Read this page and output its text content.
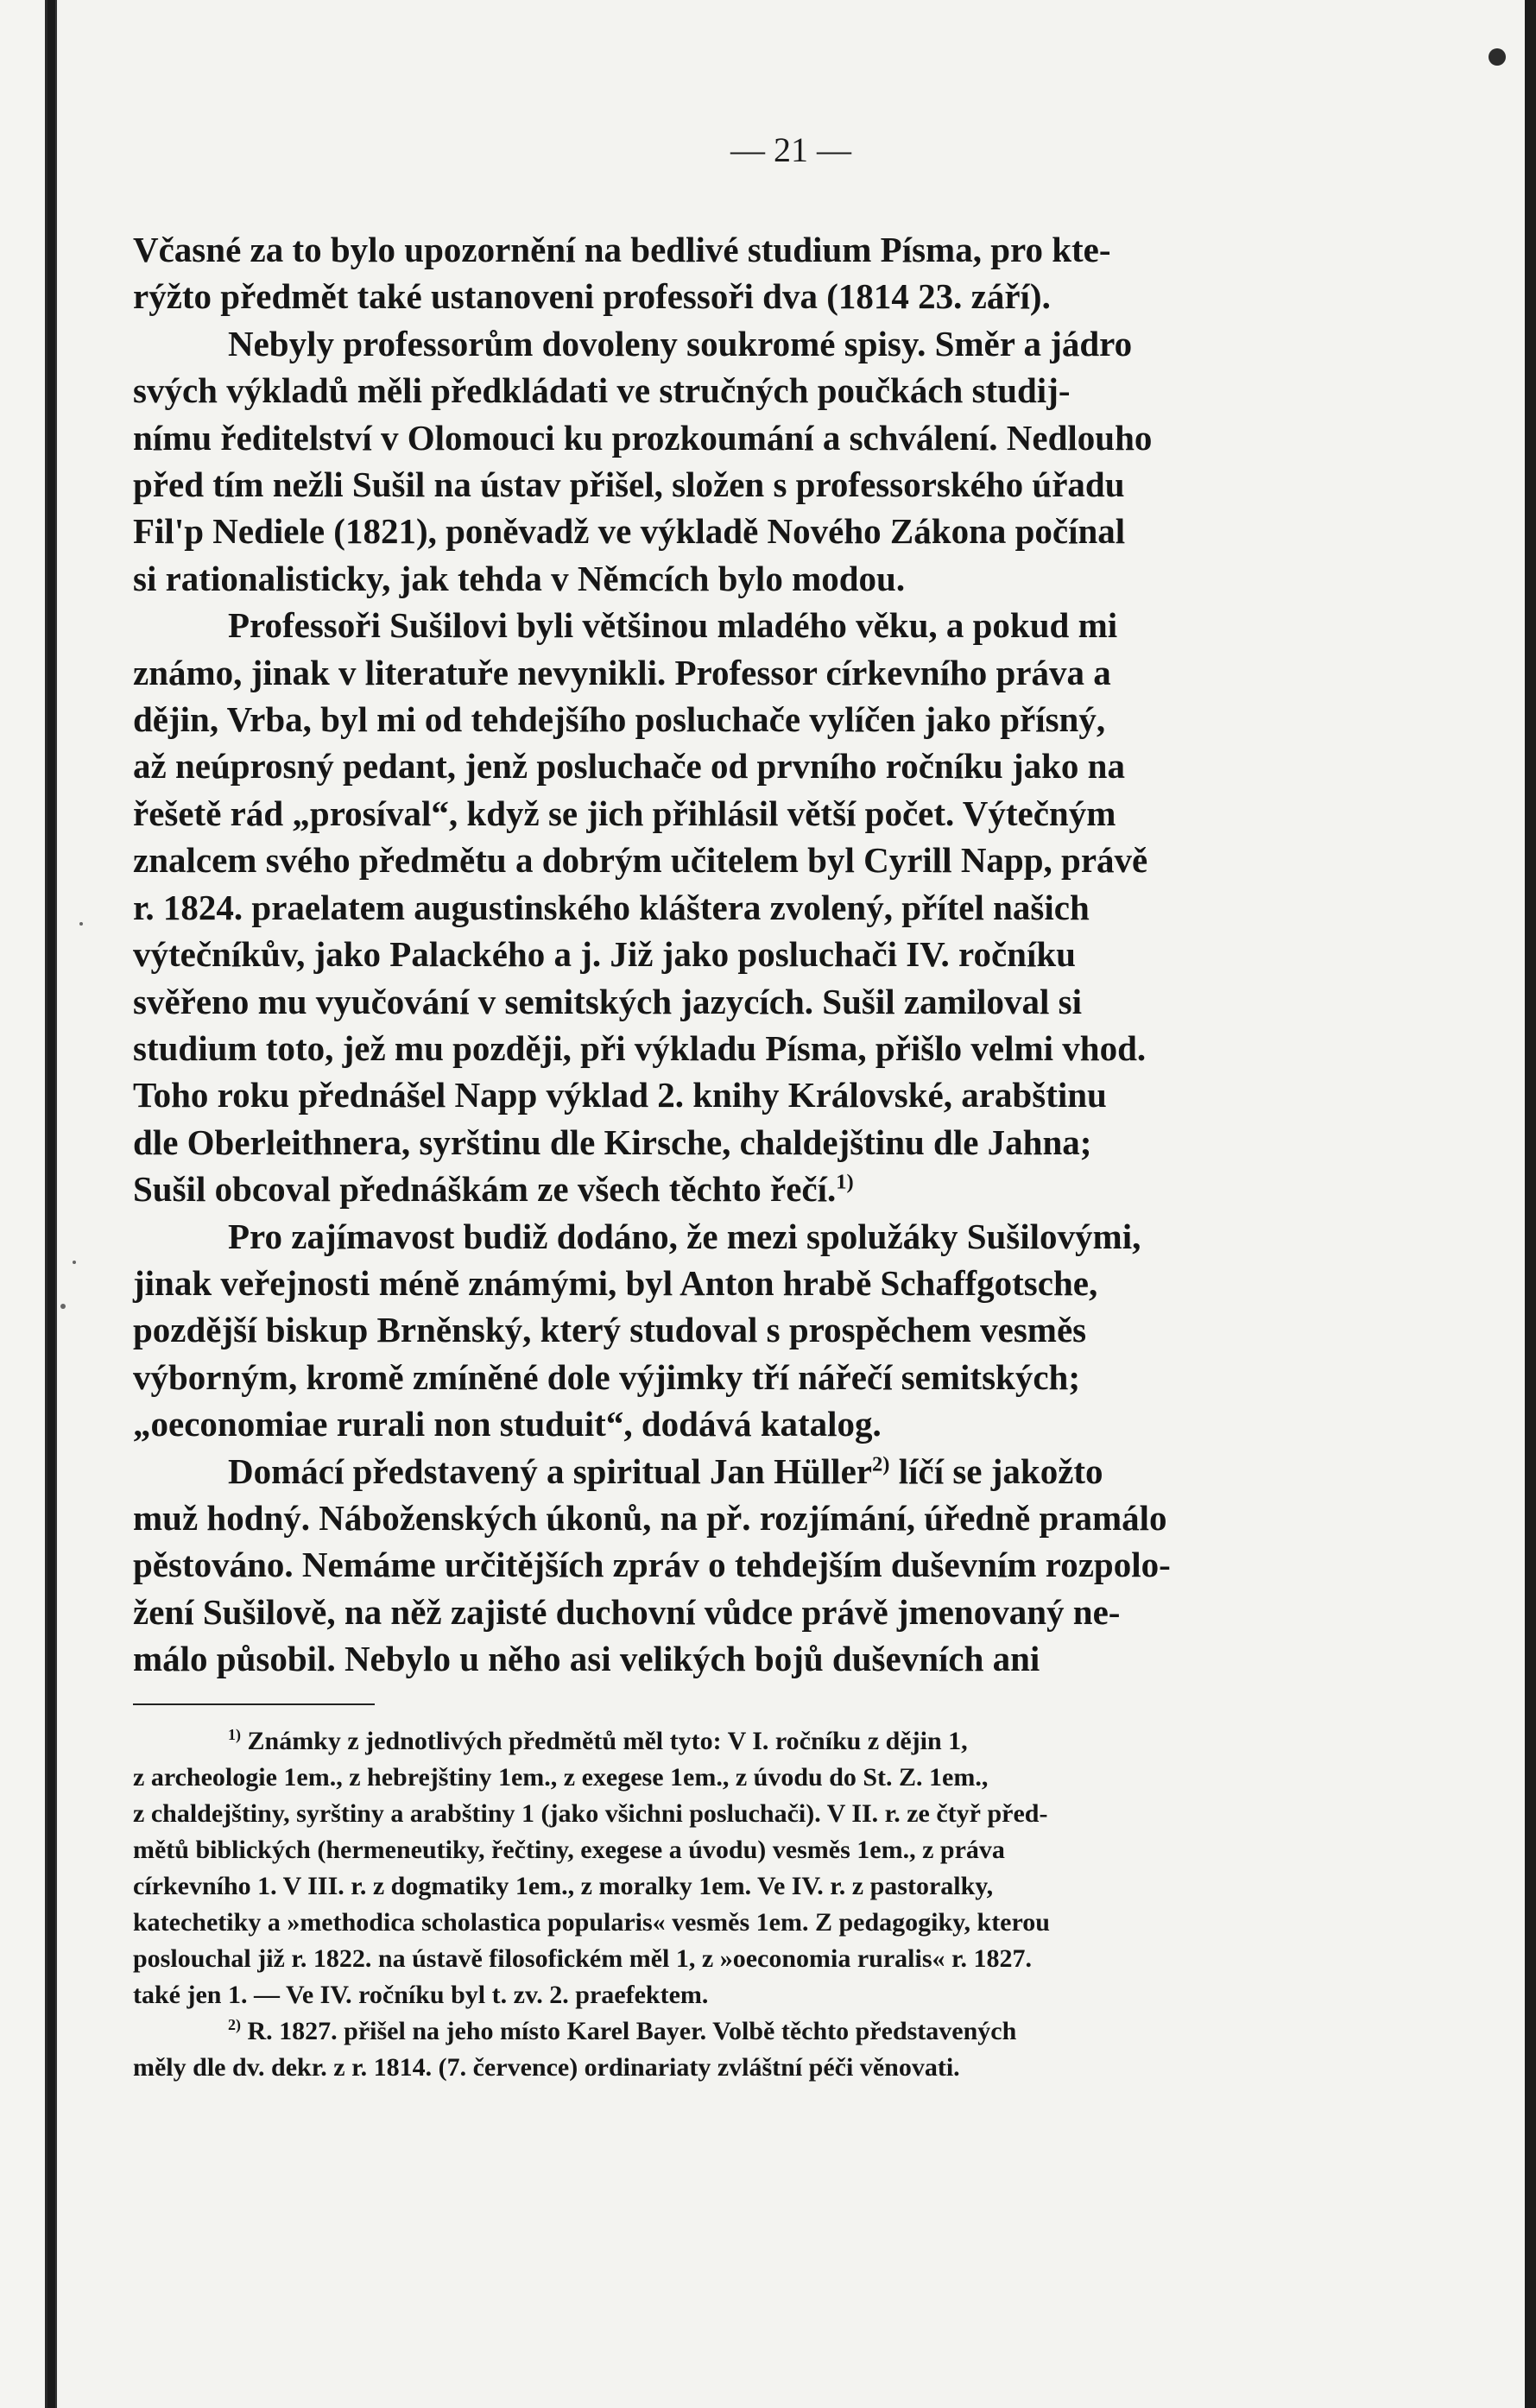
— 21 —

Včasné za to bylo upozornění na bedlivé studium Písma, pro kte-
rýžto předmět také ustanoveni professoři dva (1814 23. září).
Nebyly professorům dovoleny soukromé spisy. Směr a jádro
svých výkladů měli předkládati ve stručných poučkách studij-
nímu ředitelství v Olomouci ku prozkoumání a schválení. Nedlouho
před tím nežli Sušil na ústav přišel, složen s professorského úřadu
Fil'p Nediele (1821), poněvadž ve výkladě Nového Zákona počínal
si rationalisticky, jak tehda v Němcích bylo modou.

Professoři Sušilovi byli většinou mladého věku, a pokud mi
známo, jinak v literatuře nevynikli. Professor církevního práva a
dějin, Vrba, byl mi od tehdejšího posluchače vylíčen jako přísný,
až neúprosný pedant, jenž posluchače od prvního ročníku jako na
řešetě rád „prosíval“, když se jich přihlásil větší počet. Výtečným
znalcem svého předmětu a dobrým učitelem byl Cyrill Napp, právě
r. 1824. praelatem augustinského kláštera zvolený, přítel našich
výtečníkův, jako Palackého a j. Již jako posluchači IV. ročníku
svěřeno mu vyučování v semitských jazycích. Sušil zamiloval si
studium toto, jež mu později, při výkladu Písma, přišlo velmi vhod.
Toho roku přednášel Napp výklad 2. knihy Královské, arabštinu
dle Oberleithnera, syrštinu dle Kirsche, chaldejštinu dle Jahna;
Sušil obcoval přednáškám ze všech těchto řečí.$^{1)}$

Pro zajímavost budiž dodáno, že mezi spolužáky Sušilovými,
jinak veřejnosti méně známými, byl Anton hrabě Schaffgotsche,
pozdější biskup Brněnský, který studoval s prospěchem vesměs
výborným, kromě zmíněné dole výjimky tří nářečí semitských;
„oeconomiae rurali non studuit“, dodává katalog.

Domácí představený a spiritual Jan Hüller$^{2)}$ líčí se jakožto
muž hodný. Náboženských úkonů, na př. rozjímání, úředně pramálo
pěstováno. Nemáme určitějších zpráv o tehdejším duševním rozpolo-
žení Sušilově, na něž zajisté duchovní vůdce právě jmenovaný ne-
málo působil. Nebylo u něho asi velikých bojů duševních ani

$^{1)}$ Známky z jednotlivých předmětů měl tyto: V I. ročníku z dějin 1,
z archeologie 1em., z hebrejštiny 1em., z exegese 1em., z úvodu do St. Z. 1em.,
z chaldejštiny, syrštiny a arabštiny 1 (jako všichni posluchači). V II. r. ze čtyř před-
mětů biblických (hermeneutiky, řečtiny, exegese a úvodu) vesměs 1em., z práva
církevního 1. V III. r. z dogmatiky 1em., z moralky 1em. Ve IV. r. z pastoralky,
katechetiky a »methodica scholastica popularis« vesměs 1em. Z pedagogiky, kterou
poslouchal již r. 1822. na ústavě filosofickém měl 1, z »oeconomia ruralis« r. 1827.
také jen 1. — Ve IV. ročníku byl t. zv. 2. praefektem.

$^{2)}$ R. 1827. přišel na jeho místo Karel Bayer. Volbě těchto představených
měly dle dv. dekr. z r. 1814. (7. července) ordinariaty zvláštní péči věnovati.
